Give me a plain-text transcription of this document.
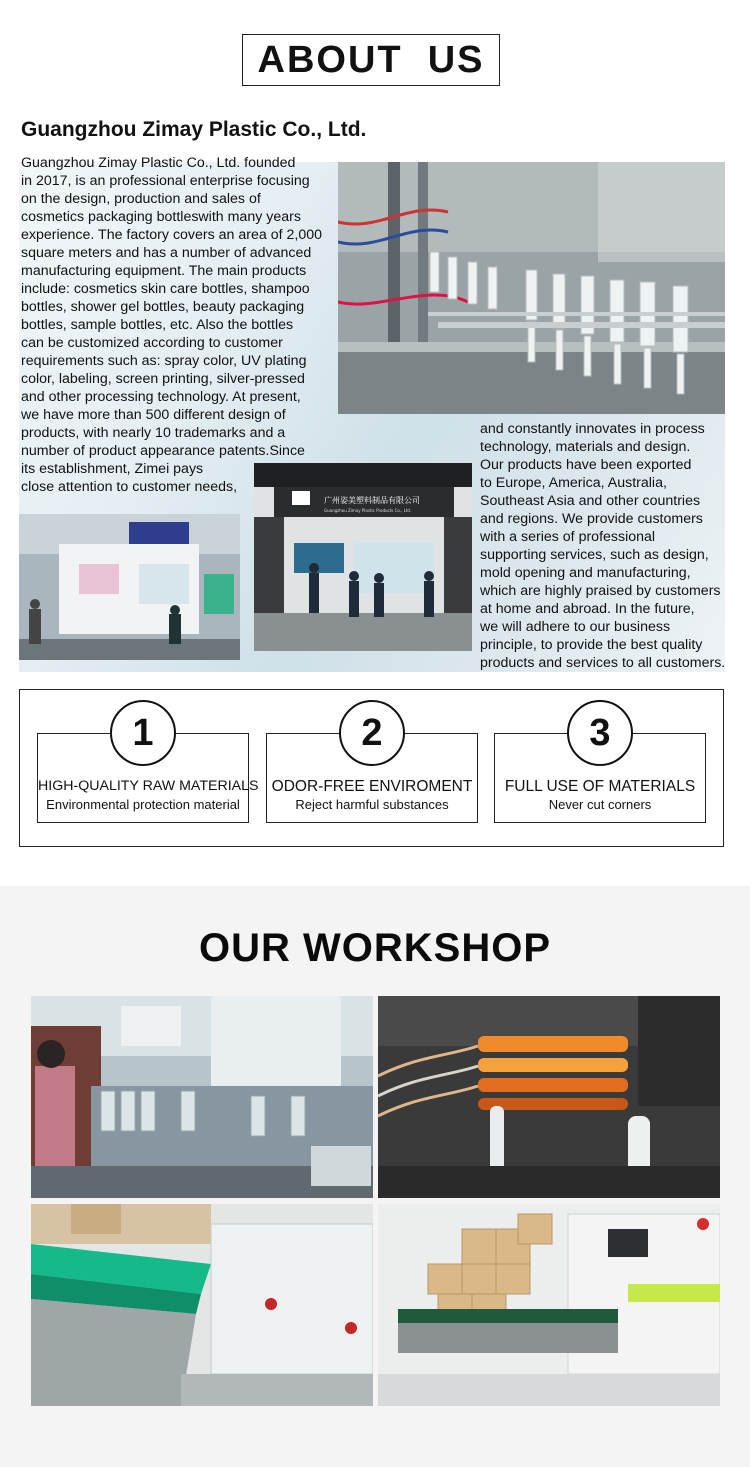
ABOUT  US
Guangzhou Zimay Plastic Co., Ltd.
广州姿美塑料制品有限公司
Guangzhou Zimay Plastic Products Co., Ltd.
Guangzhou Zimay Plastic Co., Ltd. founded
in 2017, is an professional enterprise focusing
on the design, production and sales of
cosmetics packaging bottleswith many years
experience. The factory covers an area of 2,000
square meters and has a number of advanced
manufacturing equipment. The main products
include: cosmetics skin care bottles, shampoo
bottles, shower gel bottles, beauty packaging
bottles, sample bottles, etc. Also the bottles
can be customized according to customer
requirements such as: spray color, UV plating
color, labeling, screen printing, silver-pressed
and other processing technology. At present,
we have more than 500 different design of
products, with nearly 10 trademarks and a
number of product appearance patents.Since
its establishment, Zimei pays
close attention to customer needs,
and constantly innovates in process
technology, materials and design.
Our products have been exported
to Europe, America, Australia,
Southeast Asia and other countries
and regions. We provide customers
with a series of professional
supporting services, such as design,
mold opening and manufacturing,
which are highly praised by customers
at home and abroad. In the future,
we will adhere to our business
principle, to provide the best quality
products and services to all customers.
HIGH-QUALITY RAW MATERIALS
Environmental protection material
1
ODOR-FREE ENVIROMENT
Reject harmful substances
2
FULL USE OF MATERIALS
Never cut corners
3
OUR WORKSHOP
